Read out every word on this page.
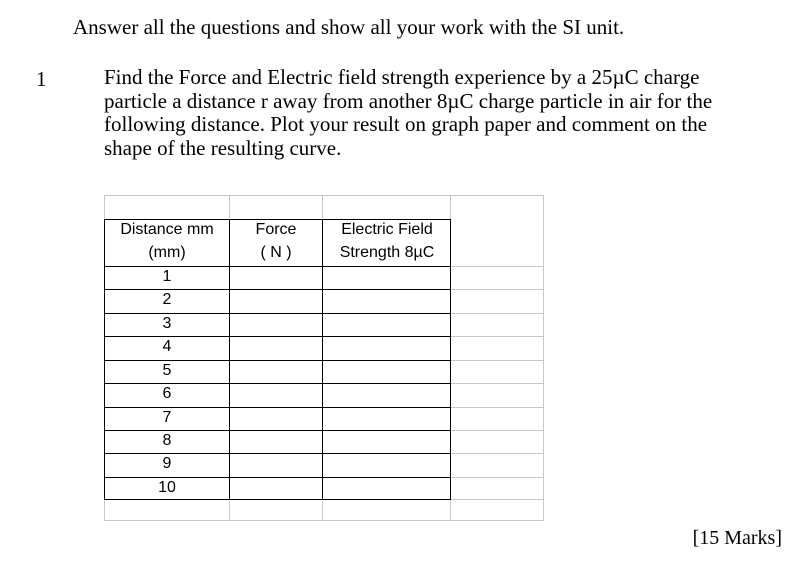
Answer all the questions and show all your work with the SI unit.
1	Find the Force and Electric field strength experience by a 25µC charge
particle a distance r away from another 8µC charge particle in air for the
following distance. Plot your result on graph paper and comment on the
shape of the resulting curve.
Distance mm
(mm)
Force
( N )
Electric Field
Strength 8µC
1
2
3
4
5
6
7
8
9
10
[15 Marks]
